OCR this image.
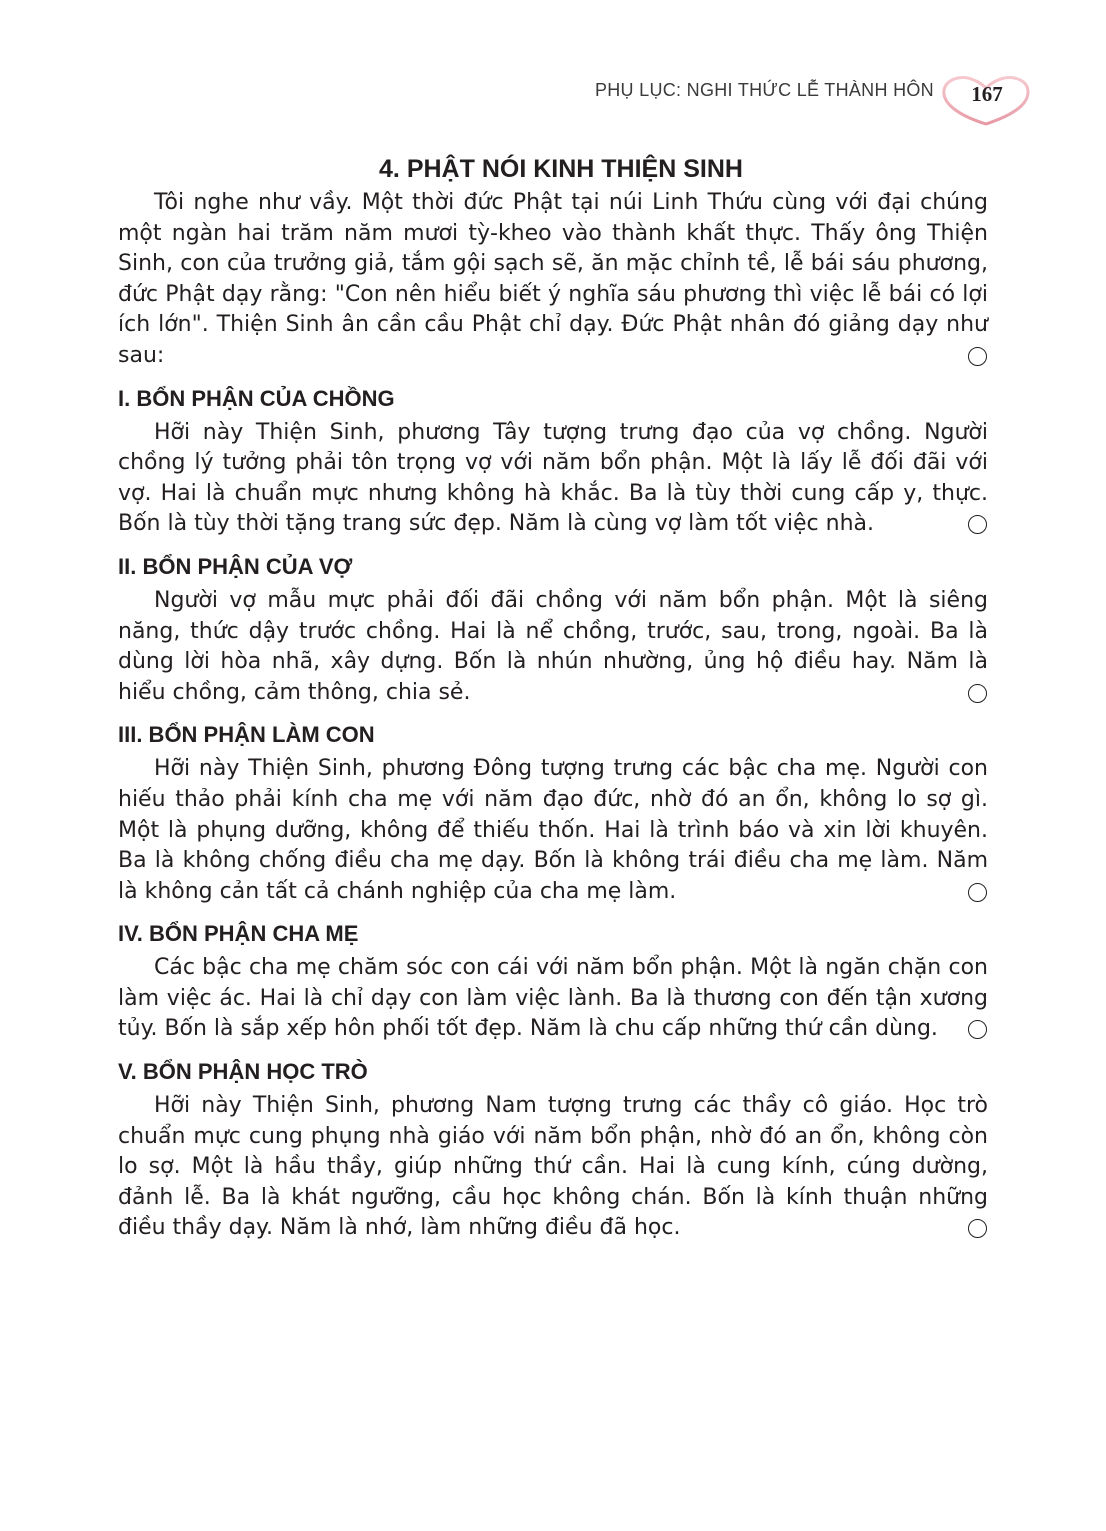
PHỤ LỤC: NGHI THỨC LỄ THÀNH HÔN	167
4. PHẬT NÓI KINH THIỆN SINH

Tôi nghe như vầy. Một thời đức Phật tại núi Linh Thứu cùng với đại chúng một ngàn hai trăm năm mươi tỳ-kheo vào thành khất thực. Thấy ông Thiện Sinh, con của trưởng giả, tắm gội sạch sẽ, ăn mặc chỉnh tề, lễ bái sáu phương, đức Phật dạy rằng: "Con nên hiểu biết ý nghĩa sáu phương thì việc lễ bái có lợi ích lớn". Thiện Sinh ân cần cầu Phật chỉ dạy. Đức Phật nhân đó giảng dạy như sau:

I. BỔN PHẬN CỦA CHỒNG

Hỡi này Thiện Sinh, phương Tây tượng trưng đạo của vợ chồng. Người chồng lý tưởng phải tôn trọng vợ với năm bổn phận. Một là lấy lễ đối đãi với vợ. Hai là chuẩn mực nhưng không hà khắc. Ba là tùy thời cung cấp y, thực. Bốn là tùy thời tặng trang sức đẹp. Năm là cùng vợ làm tốt việc nhà.

II. BỔN PHẬN CỦA VỢ

Người vợ mẫu mực phải đối đãi chồng với năm bổn phận. Một là siêng năng, thức dậy trước chồng. Hai là nể chồng, trước, sau, trong, ngoài. Ba là dùng lời hòa nhã, xây dựng. Bốn là nhún nhường, ủng hộ điều hay. Năm là hiểu chồng, cảm thông, chia sẻ.

III. BỔN PHẬN LÀM CON

Hỡi này Thiện Sinh, phương Đông tượng trưng các bậc cha mẹ. Người con hiếu thảo phải kính cha mẹ với năm đạo đức, nhờ đó an ổn, không lo sợ gì. Một là phụng dưỡng, không để thiếu thốn. Hai là trình báo và xin lời khuyên. Ba là không chống điều cha mẹ dạy. Bốn là không trái điều cha mẹ làm. Năm là không cản tất cả chánh nghiệp của cha mẹ làm.

IV. BỔN PHẬN CHA MẸ

Các bậc cha mẹ chăm sóc con cái với năm bổn phận. Một là ngăn chặn con làm việc ác. Hai là chỉ dạy con làm việc lành. Ba là thương con đến tận xương tủy. Bốn là sắp xếp hôn phối tốt đẹp. Năm là chu cấp những thứ cần dùng.

V. BỔN PHẬN HỌC TRÒ

Hỡi này Thiện Sinh, phương Nam tượng trưng các thầy cô giáo. Học trò chuẩn mực cung phụng nhà giáo với năm bổn phận, nhờ đó an ổn, không còn lo sợ. Một là hầu thầy, giúp những thứ cần. Hai là cung kính, cúng dường, đảnh lễ. Ba là khát ngưỡng, cầu học không chán. Bốn là kính thuận những điều thầy dạy. Năm là nhớ, làm những điều đã học.
